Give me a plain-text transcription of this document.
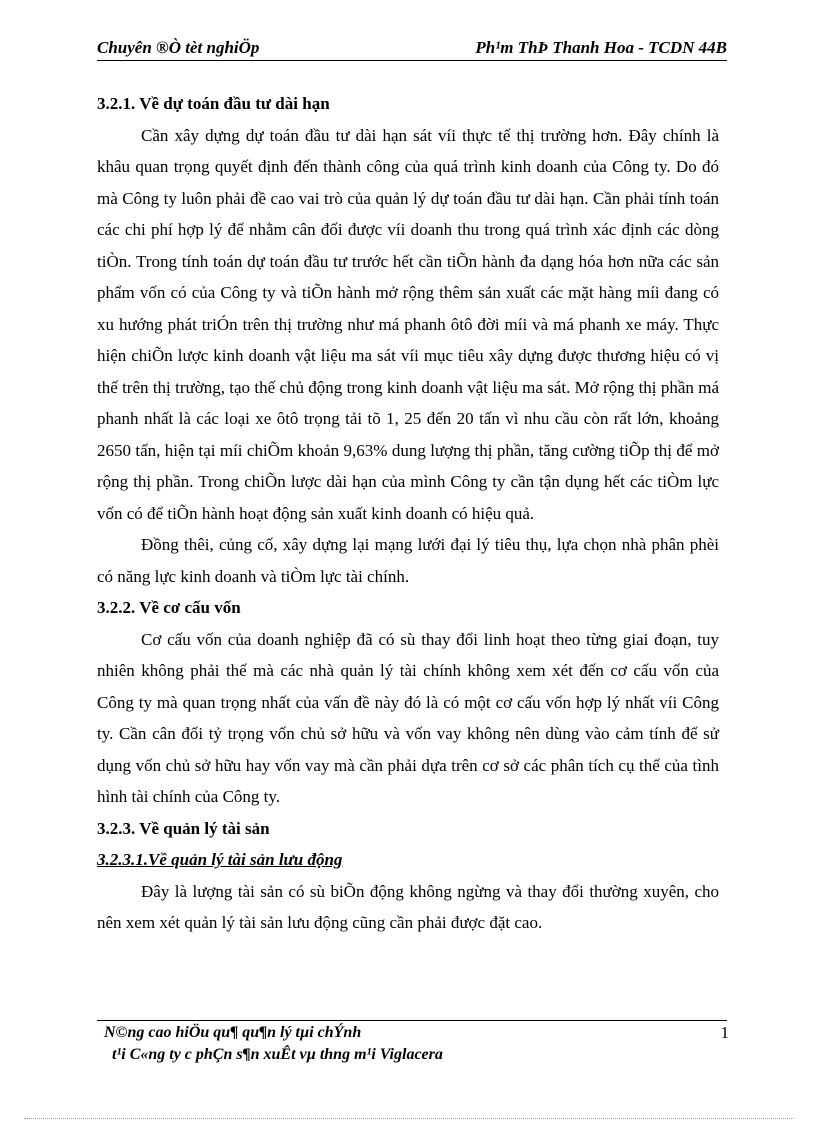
Chuyên ®Ò tèt nghiÖp	Ph¹m ThÞ Thanh Hoa - TCDN 44B
3.2.1. Về dự toán đầu tư dài hạn

Cần xây dựng dự toán đầu tư dài hạn sát víi thực tế thị trường hơn. Đây chính là khâu quan trọng quyết định đến thành công của quá trình kinh doanh của Công ty. Do đó mà Công ty luôn phải đề cao vai trò của quản lý dự toán đầu tư dài hạn. Cần phải tính toán các chi phí hợp lý để nhằm cân đối được víi doanh thu trong quá trình xác định các dòng tiÒn. Trong tính toán dự toán đầu tư trước hết cần tiÕn hành đa dạng hóa hơn nữa các sản phẩm vốn có của Công ty và tiÕn hành mở rộng thêm sản xuất các mặt hàng míi đang có xu hướng phát triÓn trên thị trường như má phanh ôtô đời míi và má phanh xe máy. Thực hiện chiÕn lược kinh doanh vật liệu ma sát víi mục tiêu xây dựng được thương hiệu có vị thế trên thị trường, tạo thế chủ động trong kinh doanh vật liệu ma sát. Mở rộng thị phần má phanh nhất là các loại xe ôtô trọng tải tõ 1, 25 đến 20 tấn vì nhu cầu còn rất lớn, khoảng 2650 tấn, hiện tại míi chiÕm khoản 9,63% dung lượng thị phần, tăng cường tiÕp thị để mở rộng thị phần. Trong chiÕn lược dài hạn của mình Công ty cần tận dụng hết các tiÒm lực vốn có để tiÕn hành hoạt động sản xuất kinh doanh có hiệu quả.

Đồng thêi, củng cố, xây dựng lại mạng lưới đại lý tiêu thụ, lựa chọn nhà phân phèi có năng lực kinh doanh và tiÒm lực tài chính.

3.2.2. Về cơ cấu vốn

Cơ cấu vốn của doanh nghiệp đã có sù thay đổi linh hoạt theo từng giai đoạn, tuy nhiên không phải thế mà các nhà quản lý tài chính không xem xét đến cơ cấu vốn của Công ty mà quan trọng nhất của vấn đề này đó là có một cơ cấu vốn hợp lý nhất víi Công ty. Cần cân đối tỷ trọng vốn chủ sở hữu và vốn vay không nên dùng vào cảm tính để sử dụng vốn chủ sở hữu hay vốn vay mà cần phải dựa trên cơ sở các phân tích cụ thể của tình hình tài chính của Công ty.

3.2.3. Về quản lý tài sản
3.2.3.1.Về quản lý tài sản lưu động

Đây là lượng tài sản có sù biÕn động không ngừng và thay đổi thường xuyên, cho nên xem xét quản lý tài sản lưu động cũng cần phải được đặt cao.

N©ng cao hiÖu qu¶ qu¶n lý tµi chÝnh
t¹i C«ng ty c phÇn s¶n xuÊt vµ thng m¹i Viglacera
1
